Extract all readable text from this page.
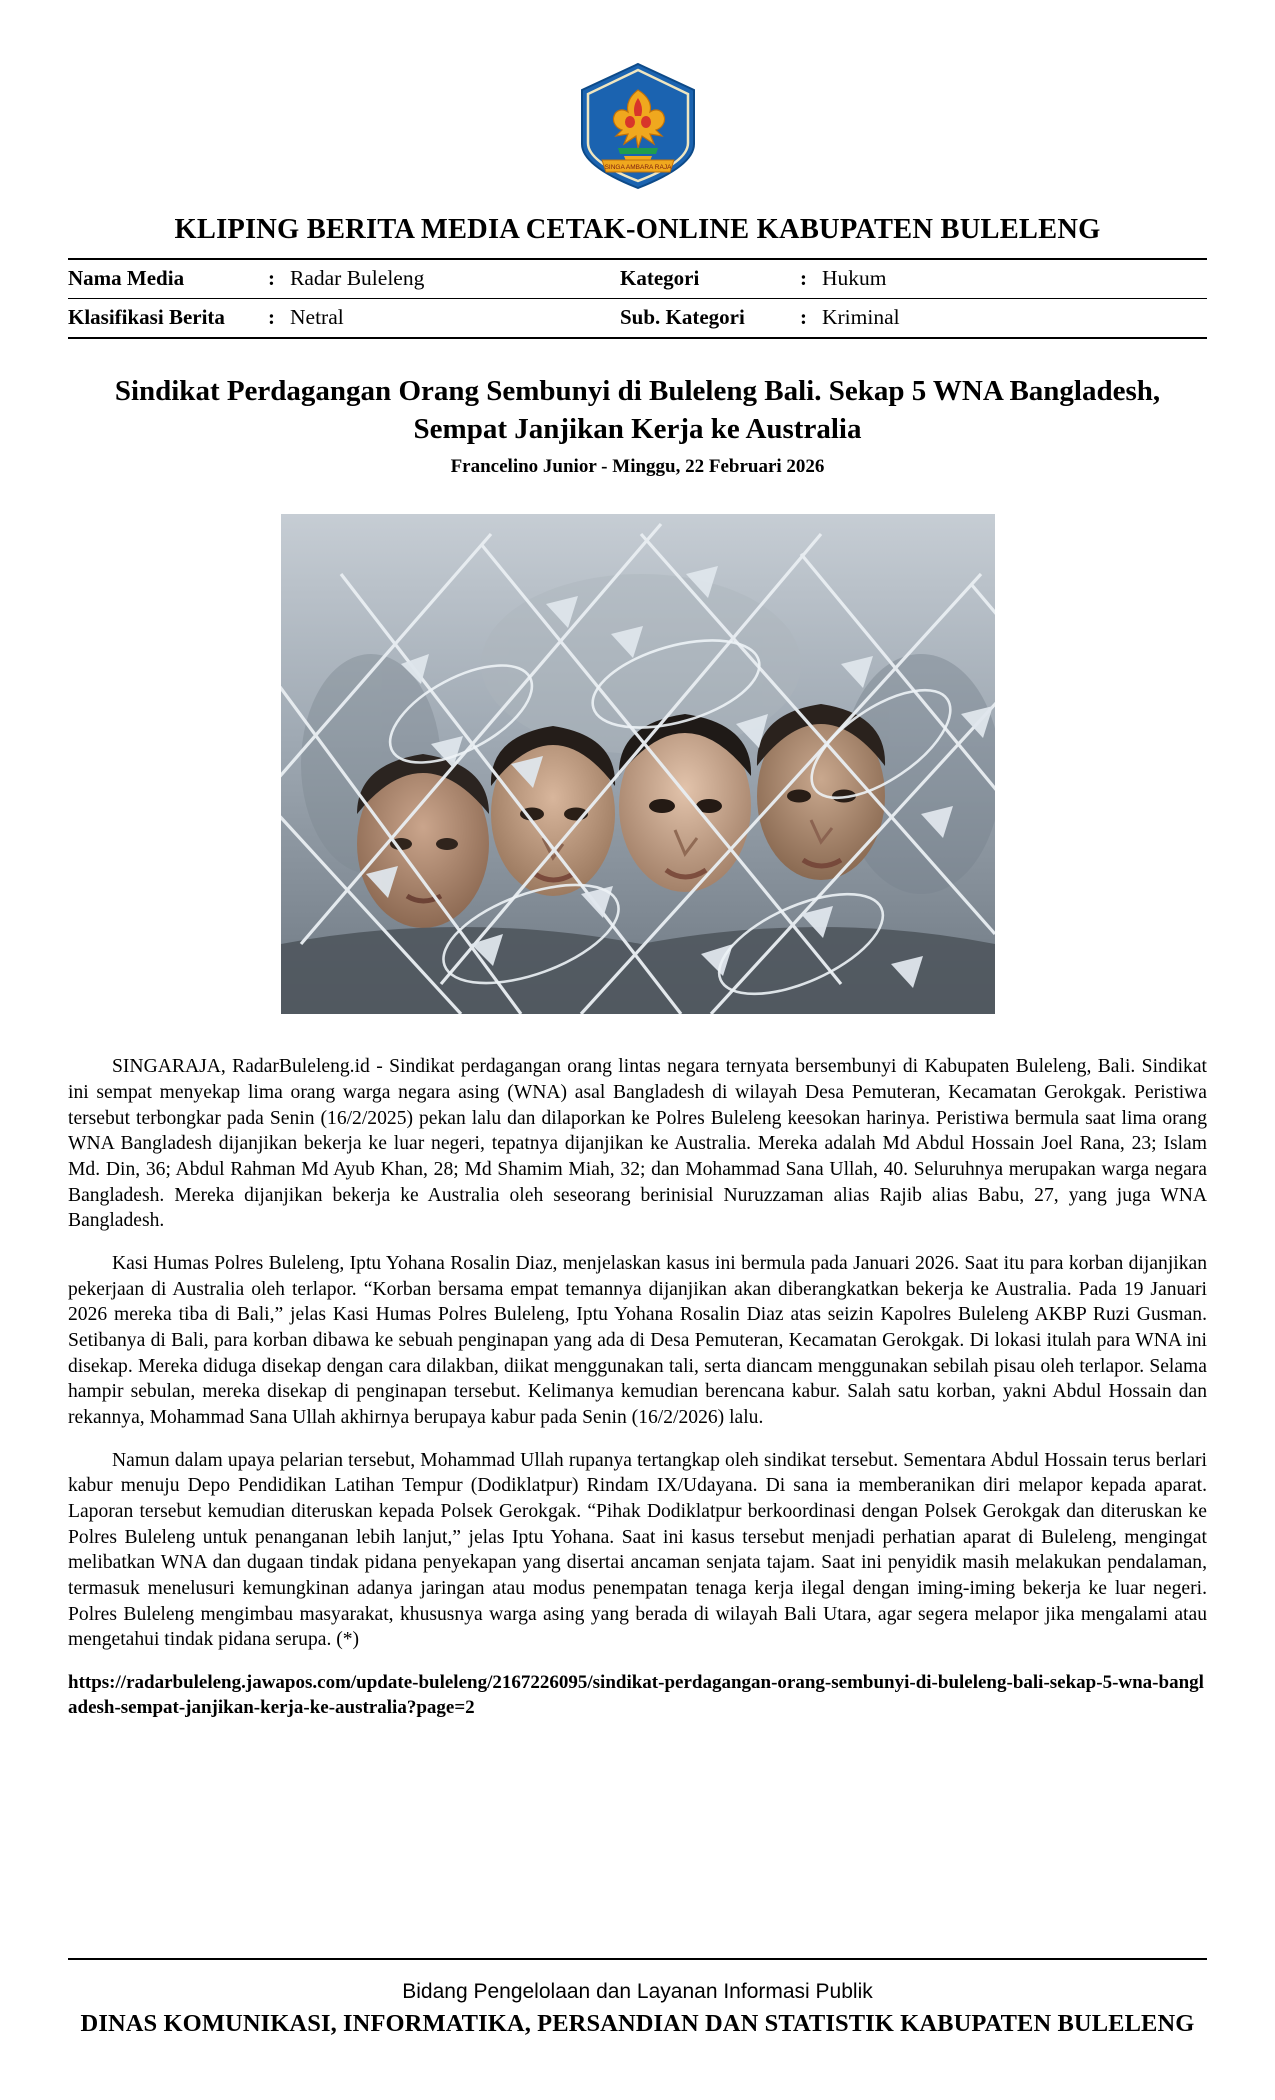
SINGA AMBARA RAJA
KLIPING BERITA MEDIA CETAK-ONLINE KABUPATEN BULELENG
Nama Media	:	Radar Buleleng	Kategori	:	Hukum
Klasifikasi Berita	:	Netral	Sub. Kategori	:	Kriminal
Sindikat Perdagangan Orang Sembunyi di Buleleng Bali. Sekap 5 WNA Bangladesh, Sempat Janjikan Kerja ke Australia
Francelino Junior - Minggu, 22 Februari 2026

SINGARAJA, RadarBuleleng.id - Sindikat perdagangan orang lintas negara ternyata bersembunyi di Kabupaten Buleleng, Bali. Sindikat ini sempat menyekap lima orang warga negara asing (WNA) asal Bangladesh di wilayah Desa Pemuteran, Kecamatan Gerokgak. Peristiwa tersebut terbongkar pada Senin (16/2/2025) pekan lalu dan dilaporkan ke Polres Buleleng keesokan harinya. Peristiwa bermula saat lima orang WNA Bangladesh dijanjikan bekerja ke luar negeri, tepatnya dijanjikan ke Australia. Mereka adalah Md Abdul Hossain Joel Rana, 23; Islam Md. Din, 36; Abdul Rahman Md Ayub Khan, 28; Md Shamim Miah, 32; dan Mohammad Sana Ullah, 40. Seluruhnya merupakan warga negara Bangladesh. Mereka dijanjikan bekerja ke Australia oleh seseorang berinisial Nuruzzaman alias Rajib alias Babu, 27, yang juga WNA Bangladesh.

Kasi Humas Polres Buleleng, Iptu Yohana Rosalin Diaz, menjelaskan kasus ini bermula pada Januari 2026. Saat itu para korban dijanjikan pekerjaan di Australia oleh terlapor. “Korban bersama empat temannya dijanjikan akan diberangkatkan bekerja ke Australia. Pada 19 Januari 2026 mereka tiba di Bali,” jelas Kasi Humas Polres Buleleng, Iptu Yohana Rosalin Diaz atas seizin Kapolres Buleleng AKBP Ruzi Gusman. Setibanya di Bali, para korban dibawa ke sebuah penginapan yang ada di Desa Pemuteran, Kecamatan Gerokgak. Di lokasi itulah para WNA ini disekap. Mereka diduga disekap dengan cara dilakban, diikat menggunakan tali, serta diancam menggunakan sebilah pisau oleh terlapor. Selama hampir sebulan, mereka disekap di penginapan tersebut. Kelimanya kemudian berencana kabur. Salah satu korban, yakni Abdul Hossain dan rekannya, Mohammad Sana Ullah akhirnya berupaya kabur pada Senin (16/2/2026) lalu.

Namun dalam upaya pelarian tersebut, Mohammad Ullah rupanya tertangkap oleh sindikat tersebut. Sementara Abdul Hossain terus berlari kabur menuju Depo Pendidikan Latihan Tempur (Dodiklatpur) Rindam IX/Udayana. Di sana ia memberanikan diri melapor kepada aparat. Laporan tersebut kemudian diteruskan kepada Polsek Gerokgak. “Pihak Dodiklatpur berkoordinasi dengan Polsek Gerokgak dan diteruskan ke Polres Buleleng untuk penanganan lebih lanjut,” jelas Iptu Yohana. Saat ini kasus tersebut menjadi perhatian aparat di Buleleng, mengingat melibatkan WNA dan dugaan tindak pidana penyekapan yang disertai ancaman senjata tajam. Saat ini penyidik masih melakukan pendalaman, termasuk menelusuri kemungkinan adanya jaringan atau modus penempatan tenaga kerja ilegal dengan iming-iming bekerja ke luar negeri. Polres Buleleng mengimbau masyarakat, khususnya warga asing yang berada di wilayah Bali Utara, agar segera melapor jika mengalami atau mengetahui tindak pidana serupa. (*)

https://radarbuleleng.jawapos.com/update-buleleng/2167226095/sindikat-perdagangan-orang-sembunyi-di-buleleng-bali-sekap-5-wna-bangladesh-sempat-janjikan-kerja-ke-australia?page=2
Bidang Pengelolaan dan Layanan Informasi Publik
DINAS KOMUNIKASI, INFORMATIKA, PERSANDIAN DAN STATISTIK KABUPATEN BULELENG
